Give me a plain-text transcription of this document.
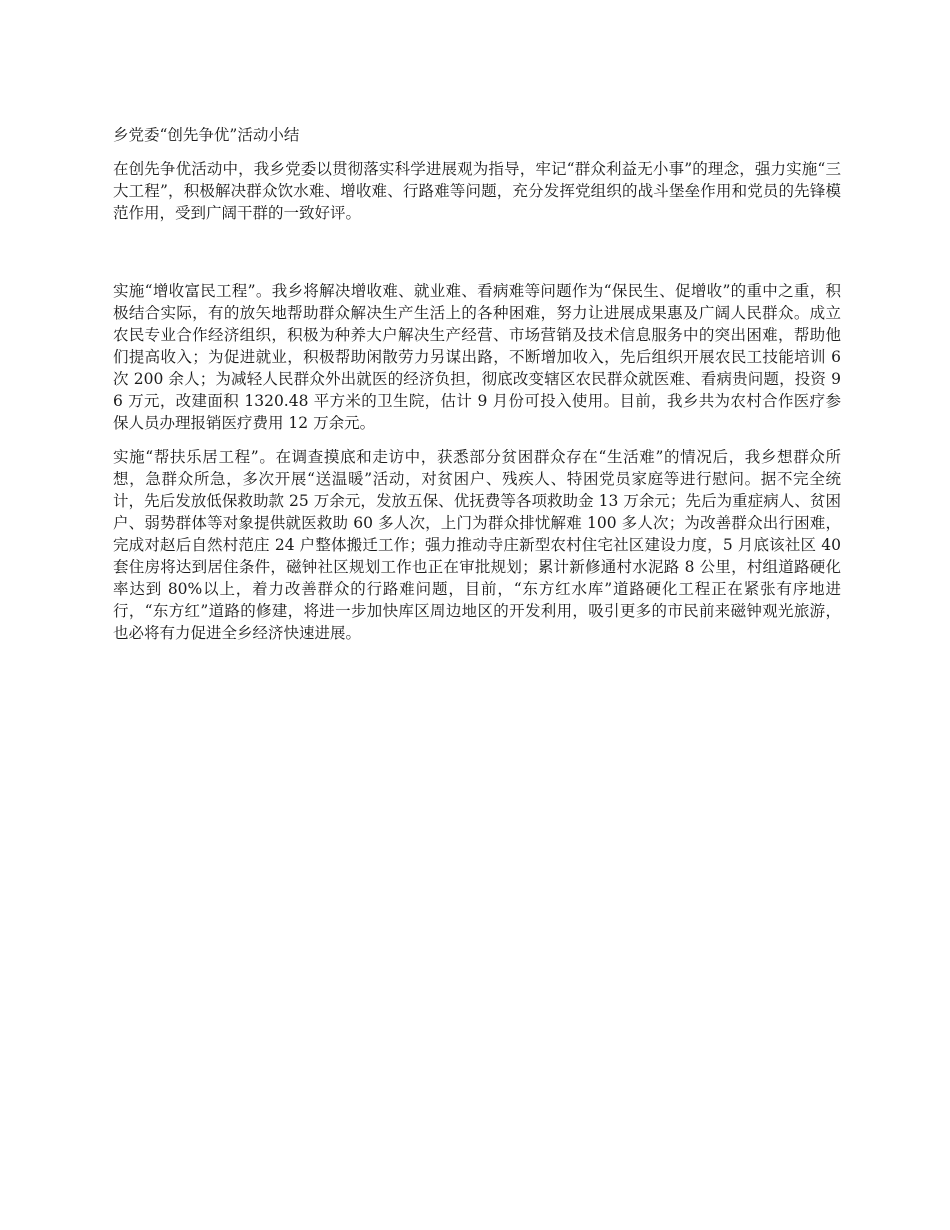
乡党委“创先争优”活动小结

在创先争优活动中，我乡党委以贯彻落实科学进展观为指导，牢记“群众利益无小事”的理念，强力实施“三大工程”，积极解决群众饮水难、增收难、行路难等问题，充分发挥党组织的战斗堡垒作用和党员的先锋模范作用，受到广阔干群的一致好评。

实施“增收富民工程”。我乡将解决增收难、就业难、看病难等问题作为“保民生、促增收”的重中之重，积极结合实际，有的放矢地帮助群众解决生产生活上的各种困难，努力让进展成果惠及广阔人民群众。成立农民专业合作经济组织，积极为种养大户解决生产经营、市场营销及技术信息服务中的突出困难，帮助他们提高收入；为促进就业，积极帮助闲散劳力另谋出路，不断增加收入，先后组织开展农民工技能培训 6 次 200 余人；为减轻人民群众外出就医的经济负担，彻底改变辖区农民群众就医难、看病贵问题，投资 96 万元，改建面积 1320.48 平方米的卫生院，估计 9 月份可投入使用。目前，我乡共为农村合作医疗参保人员办理报销医疗费用 12 万余元。

实施“帮扶乐居工程”。在调查摸底和走访中，获悉部分贫困群众存在“生活难”的情况后，我乡想群众所想，急群众所急，多次开展“送温暖”活动，对贫困户、残疾人、特困党员家庭等进行慰问。据不完全统计，先后发放低保救助款 25 万余元，发放五保、优抚费等各项救助金 13 万余元；先后为重症病人、贫困户、弱势群体等对象提供就医救助 60 多人次，上门为群众排忧解难 100 多人次；为改善群众出行困难，完成对赵后自然村范庄 24 户整体搬迁工作；强力推动寺庄新型农村住宅社区建设力度，5 月底该社区 40 套住房将达到居住条件，磁钟社区规划工作也正在审批规划；累计新修通村水泥路 8 公里，村组道路硬化率达到 80%以上，着力改善群众的行路难问题，目前，“东方红水库”道路硬化工程正在紧张有序地进行，“东方红”道路的修建，将进一步加快库区周边地区的开发利用，吸引更多的市民前来磁钟观光旅游，也必将有力促进全乡经济快速进展。
